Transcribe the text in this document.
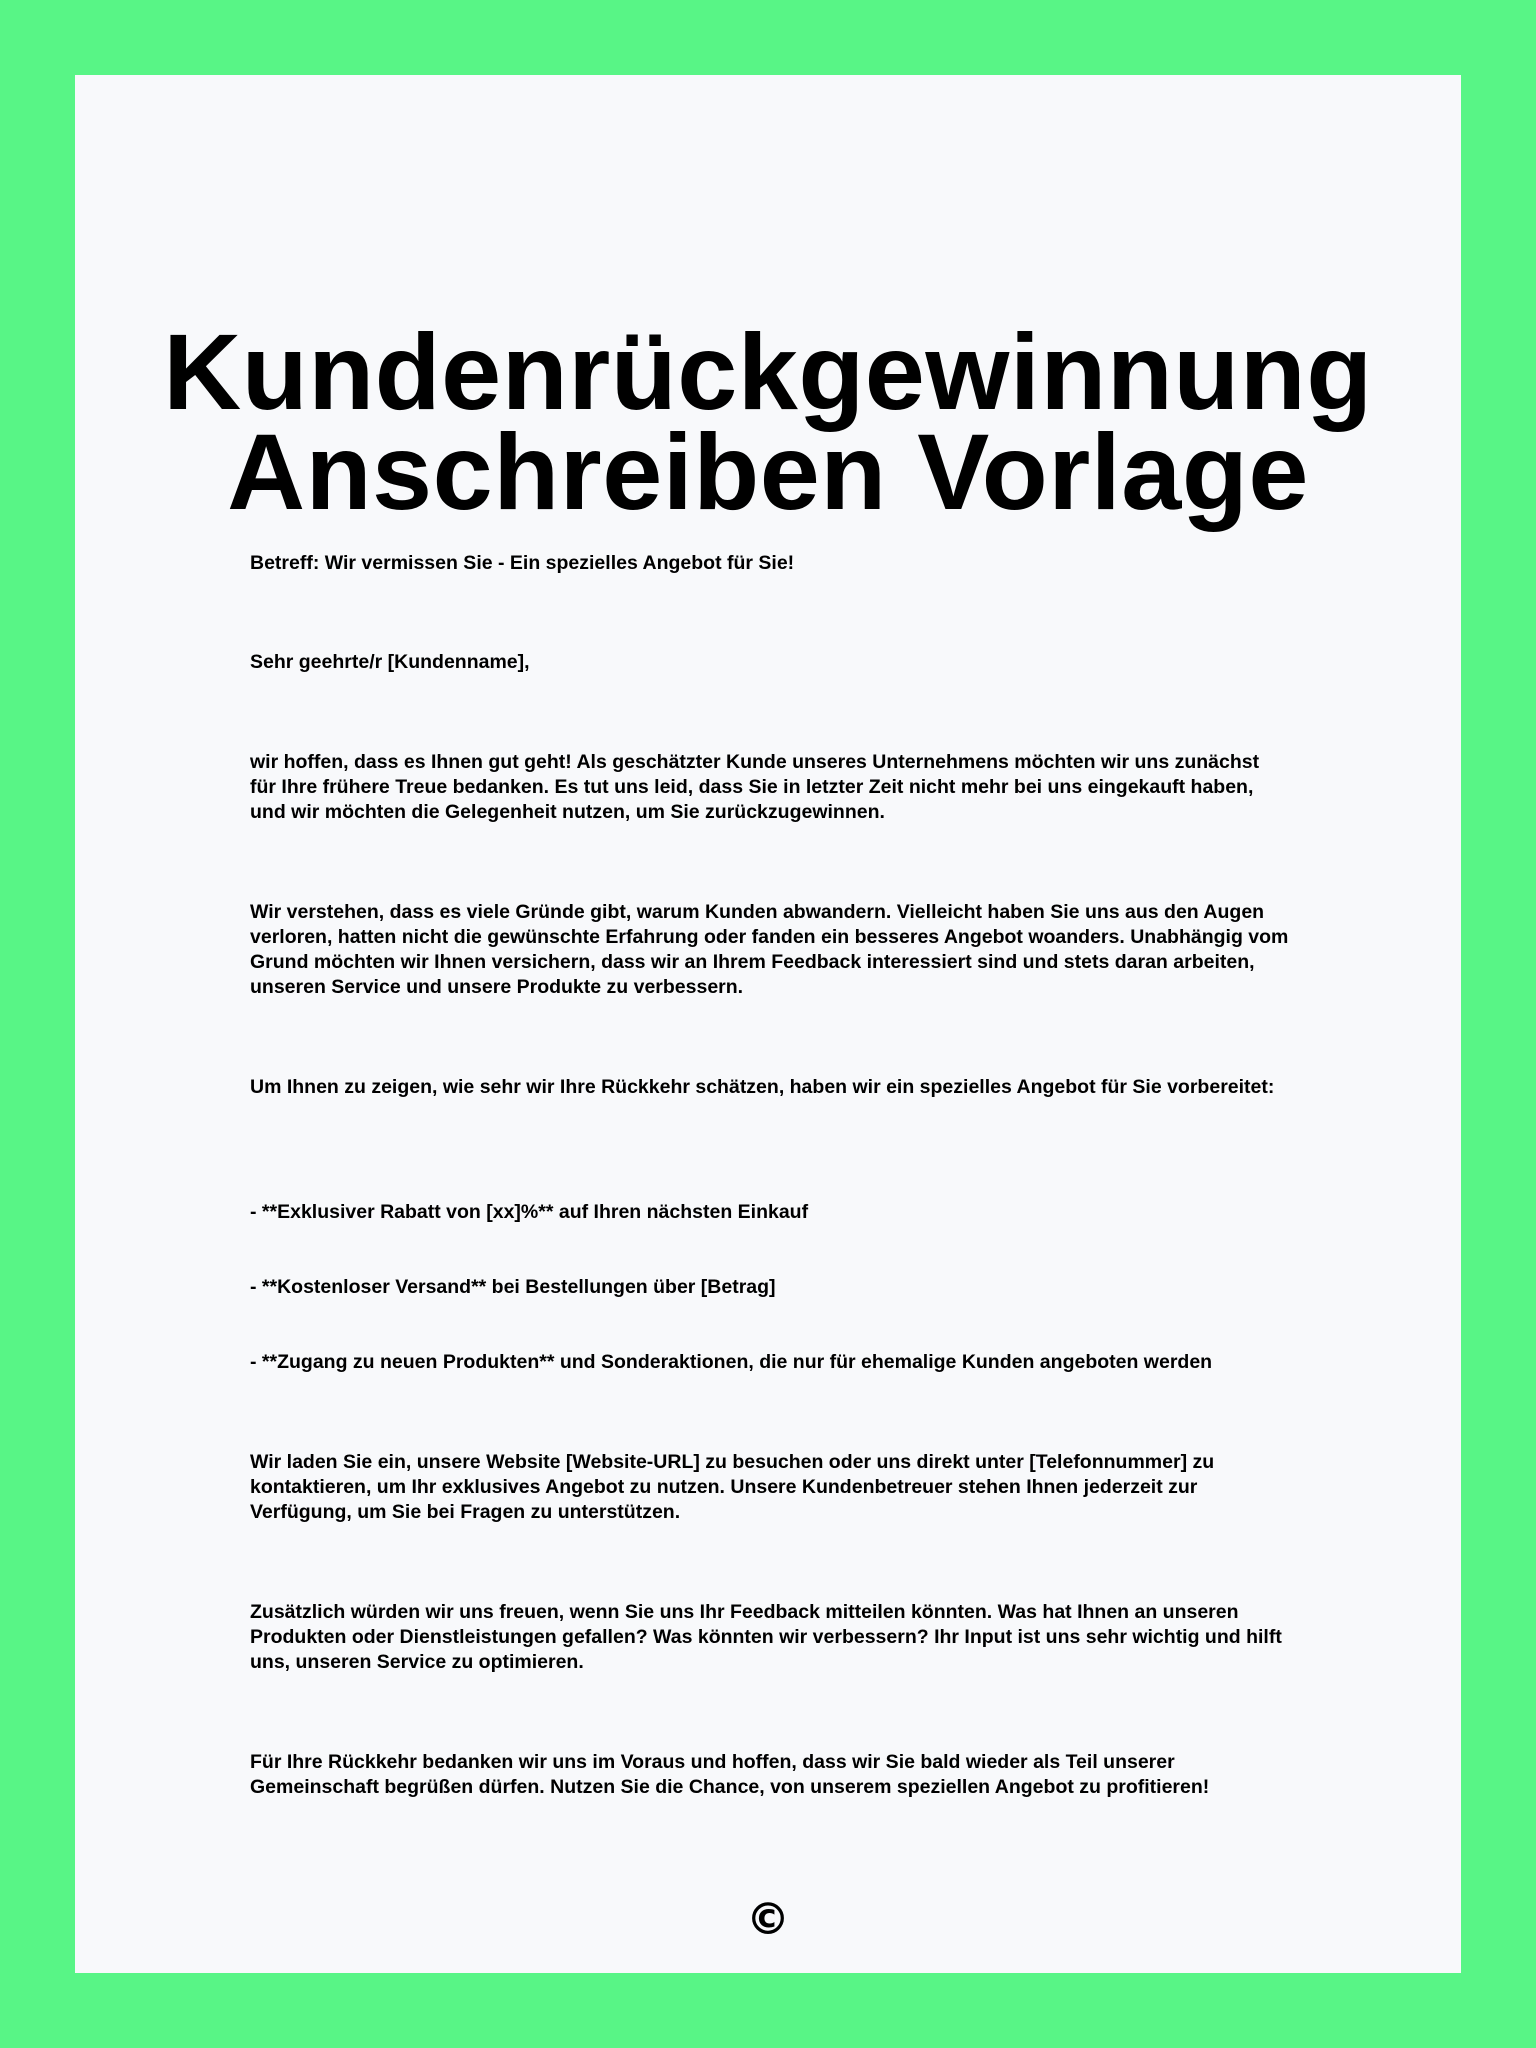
Kundenrückgewinnung
Anschreiben Vorlage

Betreff: Wir vermissen Sie - Ein spezielles Angebot für Sie!

Sehr geehrte/r [Kundenname],

wir hoffen, dass es Ihnen gut geht! Als geschätzter Kunde unseres Unternehmens möchten wir uns zunächst für Ihre frühere Treue bedanken. Es tut uns leid, dass Sie in letzter Zeit nicht mehr bei uns eingekauft haben, und wir möchten die Gelegenheit nutzen, um Sie zurückzugewinnen.

Wir verstehen, dass es viele Gründe gibt, warum Kunden abwandern. Vielleicht haben Sie uns aus den Augen verloren, hatten nicht die gewünschte Erfahrung oder fanden ein besseres Angebot woanders. Unabhängig vom Grund möchten wir Ihnen versichern, dass wir an Ihrem Feedback interessiert sind und stets daran arbeiten, unseren Service und unsere Produkte zu verbessern.

Um Ihnen zu zeigen, wie sehr wir Ihre Rückkehr schätzen, haben wir ein spezielles Angebot für Sie vorbereitet:

- **Exklusiver Rabatt von [xx]%** auf Ihren nächsten Einkauf

- **Kostenloser Versand** bei Bestellungen über [Betrag]

- **Zugang zu neuen Produkten** und Sonderaktionen, die nur für ehemalige Kunden angeboten werden

Wir laden Sie ein, unsere Website [Website-URL] zu besuchen oder uns direkt unter [Telefonnummer] zu kontaktieren, um Ihr exklusives Angebot zu nutzen. Unsere Kundenbetreuer stehen Ihnen jederzeit zur Verfügung, um Sie bei Fragen zu unterstützen.

Zusätzlich würden wir uns freuen, wenn Sie uns Ihr Feedback mitteilen könnten. Was hat Ihnen an unseren Produkten oder Dienstleistungen gefallen? Was könnten wir verbessern? Ihr Input ist uns sehr wichtig und hilft uns, unseren Service zu optimieren.

Für Ihre Rückkehr bedanken wir uns im Voraus und hoffen, dass wir Sie bald wieder als Teil unserer Gemeinschaft begrüßen dürfen. Nutzen Sie die Chance, von unserem speziellen Angebot zu profitieren!

©
